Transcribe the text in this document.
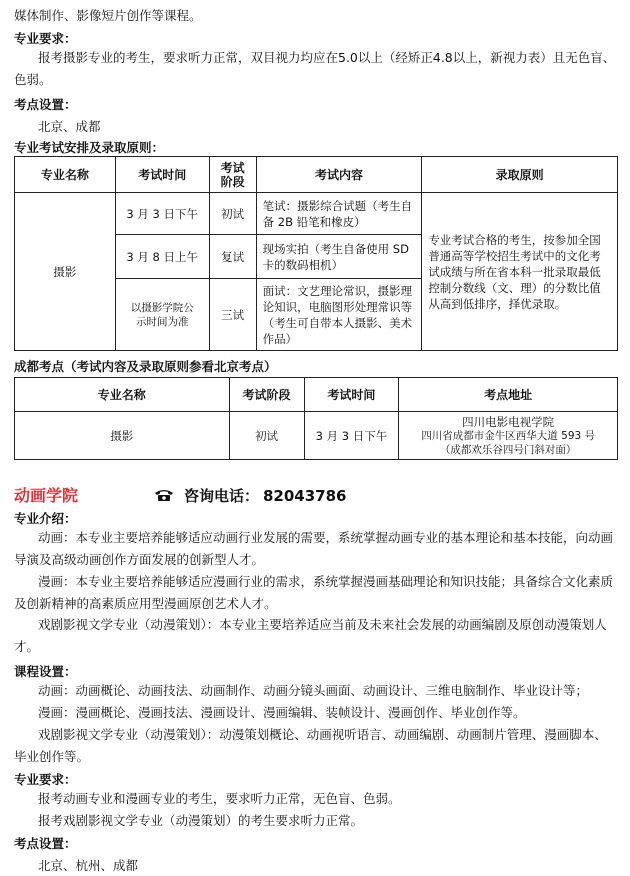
媒体制作、影像短片创作等课程。
专业要求：
报考摄影专业的考生，要求听力正常，双目视力均应在5.0以上（经矫正4.8以上，新视力表）且无色盲、色弱。
考点设置：
北京、成都
专业考试安排及录取原则：
专业名称	考试时间	考试阶段	考试内容	录取原则
摄影	3 月 3 日下午	初试	笔试：摄影综合试题（考生自备 2B 铅笔和橡皮）	专业考试合格的考生，按参加全国普通高等学校招生考试中的文化考试成绩与所在省本科一批录取最低控制分数线（文、理）的分数比值从高到低排序，择优录取。
	3 月 8 日上午	复试	现场实拍（考生自备使用 SD 卡的数码相机）	
	以摄影学院公示时间为准	三试	面试：文艺理论常识，摄影理论知识，电脑图形处理常识等（考生可自带本人摄影、美术作品）	
成都考点（考试内容及录取原则参看北京考点）
专业名称	考试阶段	考试时间	考点地址
摄影	初试	3 月 3 日下午	四川电影电视学院
四川省成都市金牛区西华大道 593 号
（成都欢乐谷四号门斜对面）
动画学院	咨询电话： 82043786
专业介绍：
动画：本专业主要培养能够适应动画行业发展的需要，系统掌握动画专业的基本理论和基本技能，向动画导演及高级动画创作方面发展的创新型人才。
漫画：本专业主要培养能够适应漫画行业的需求，系统掌握漫画基础理论和知识技能；具备综合文化素质及创新精神的高素质应用型漫画原创艺术人才。
戏剧影视文学专业（动漫策划）：本专业主要培养适应当前及未来社会发展的动画编剧及原创动漫策划人才。
课程设置：
动画：动画概论、动画技法、动画制作、动画分镜头画面、动画设计、三维电脑制作、毕业设计等；
漫画：漫画概论、漫画技法、漫画设计、漫画编辑、装帧设计、漫画创作、毕业创作等。
戏剧影视文学专业（动漫策划）：动漫策划概论、动画视听语言、动画编剧、动画制片管理、漫画脚本、毕业创作等。
专业要求：
报考动画专业和漫画专业的考生，要求听力正常，无色盲、色弱。
报考戏剧影视文学专业（动漫策划）的考生要求听力正常。
考点设置：
北京、杭州、成都
